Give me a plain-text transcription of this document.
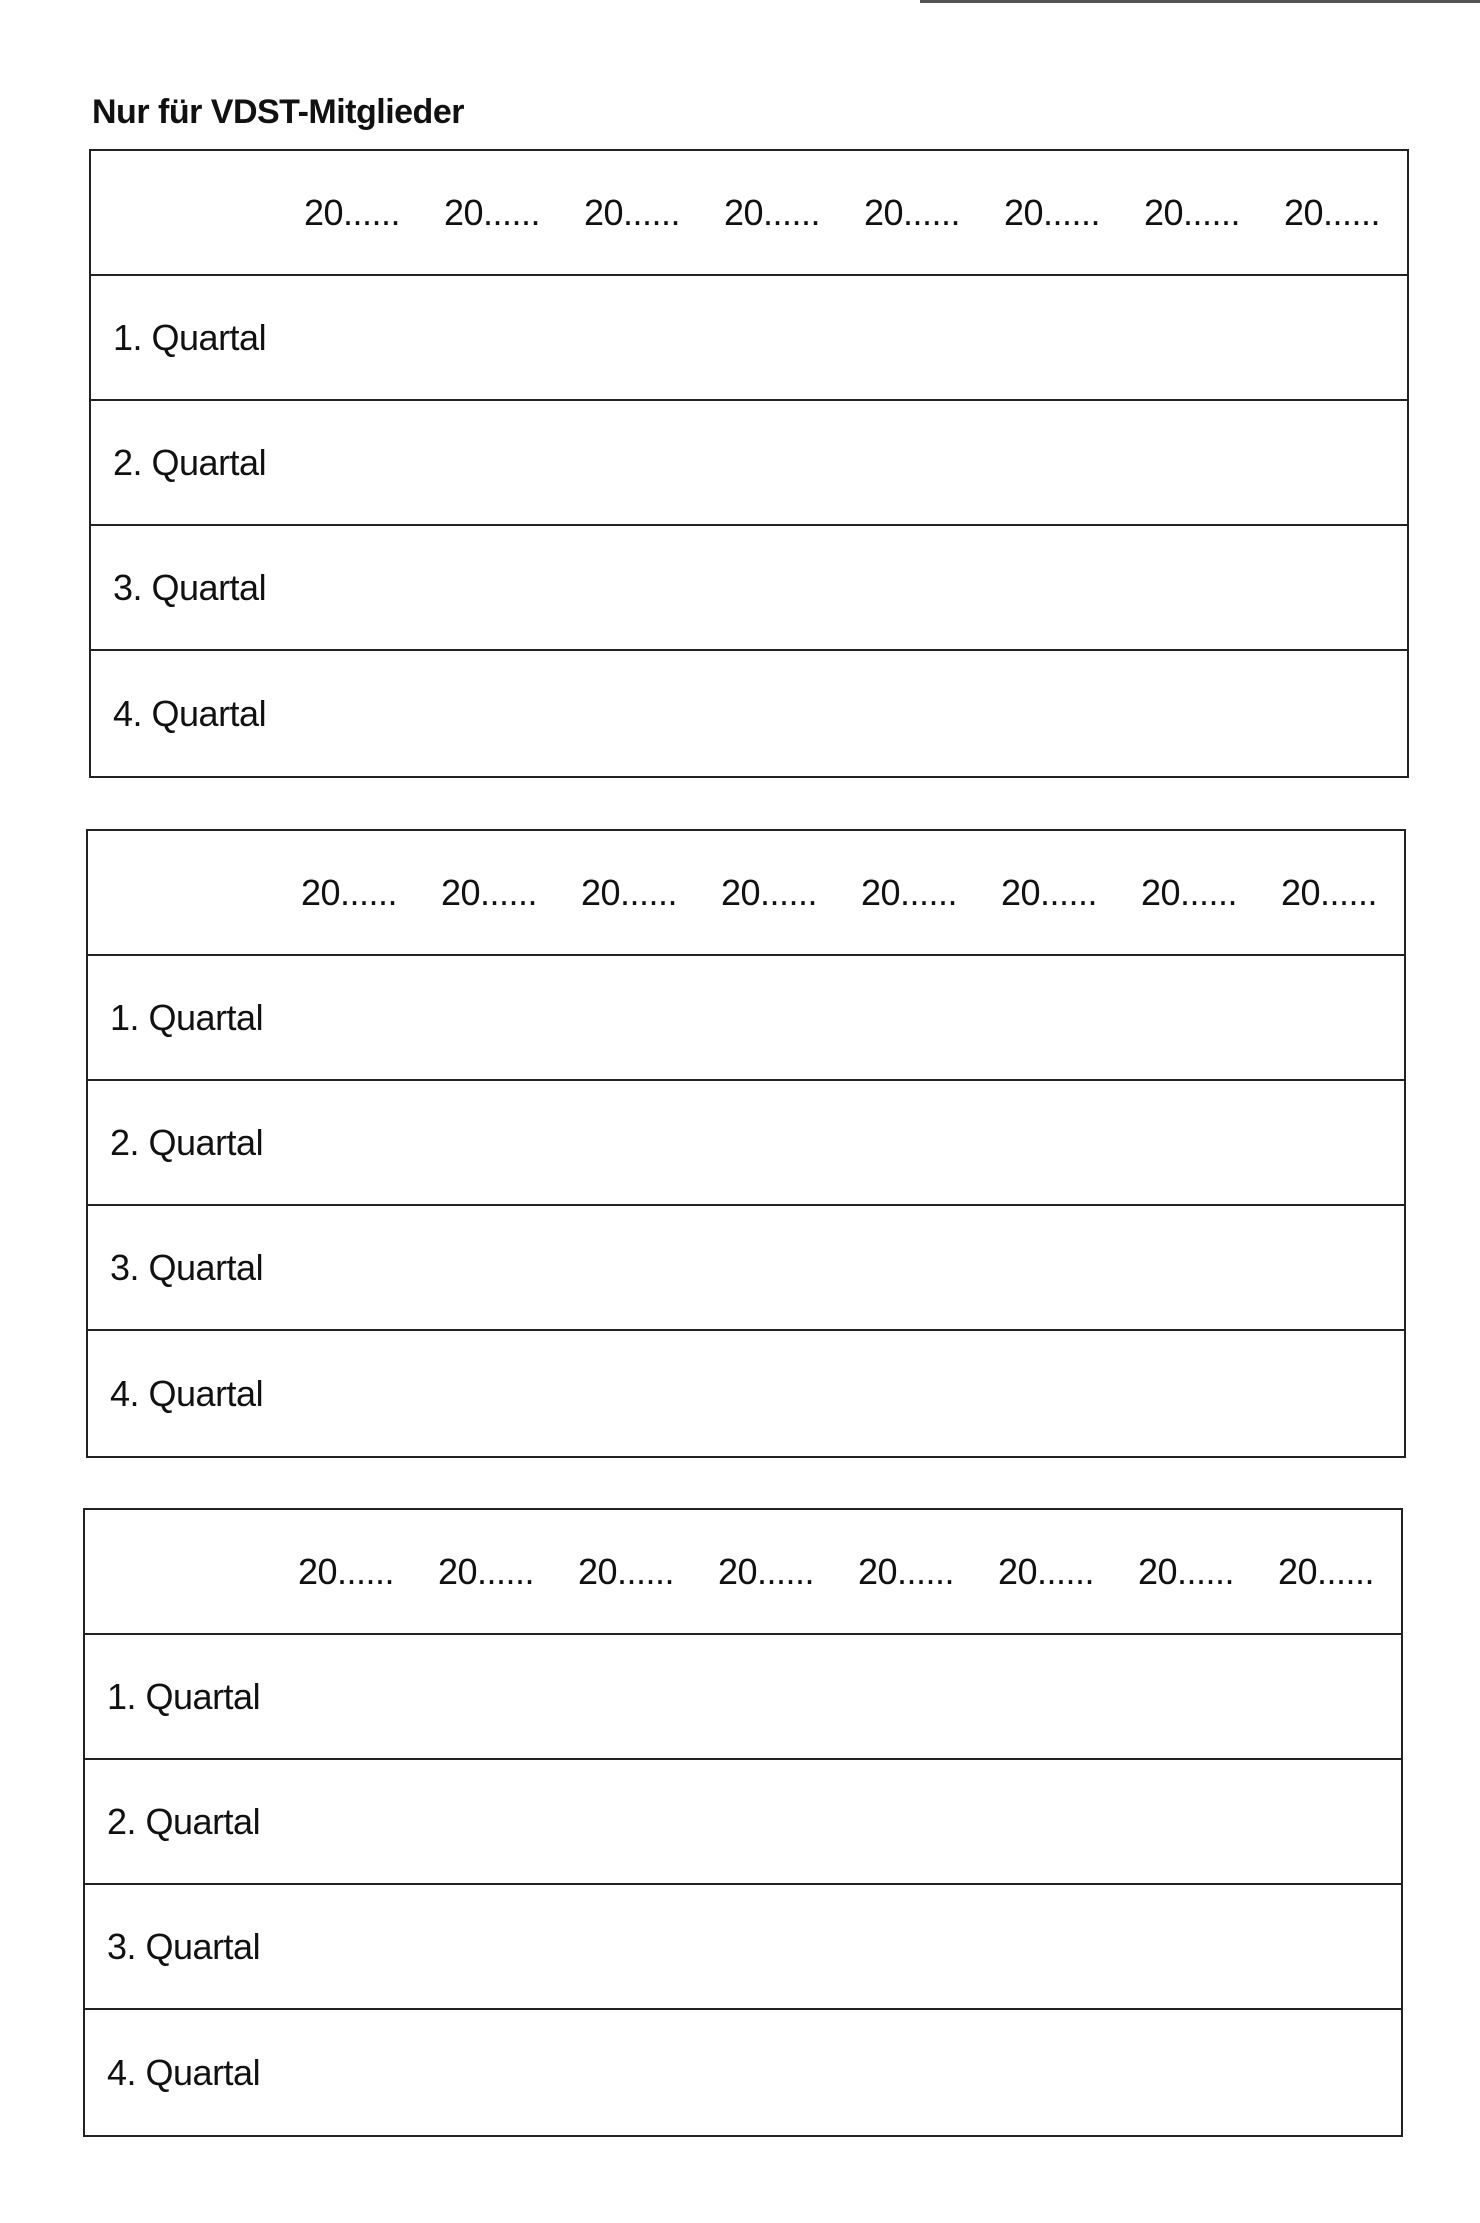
Nur für VDST-Mitglieder
20......	20......	20......	20......	20......	20......	20......	20......
1. Quartal
2. Quartal
3. Quartal
4. Quartal
20......	20......	20......	20......	20......	20......	20......	20......
1. Quartal
2. Quartal
3. Quartal
4. Quartal
20......	20......	20......	20......	20......	20......	20......	20......
1. Quartal
2. Quartal
3. Quartal
4. Quartal
